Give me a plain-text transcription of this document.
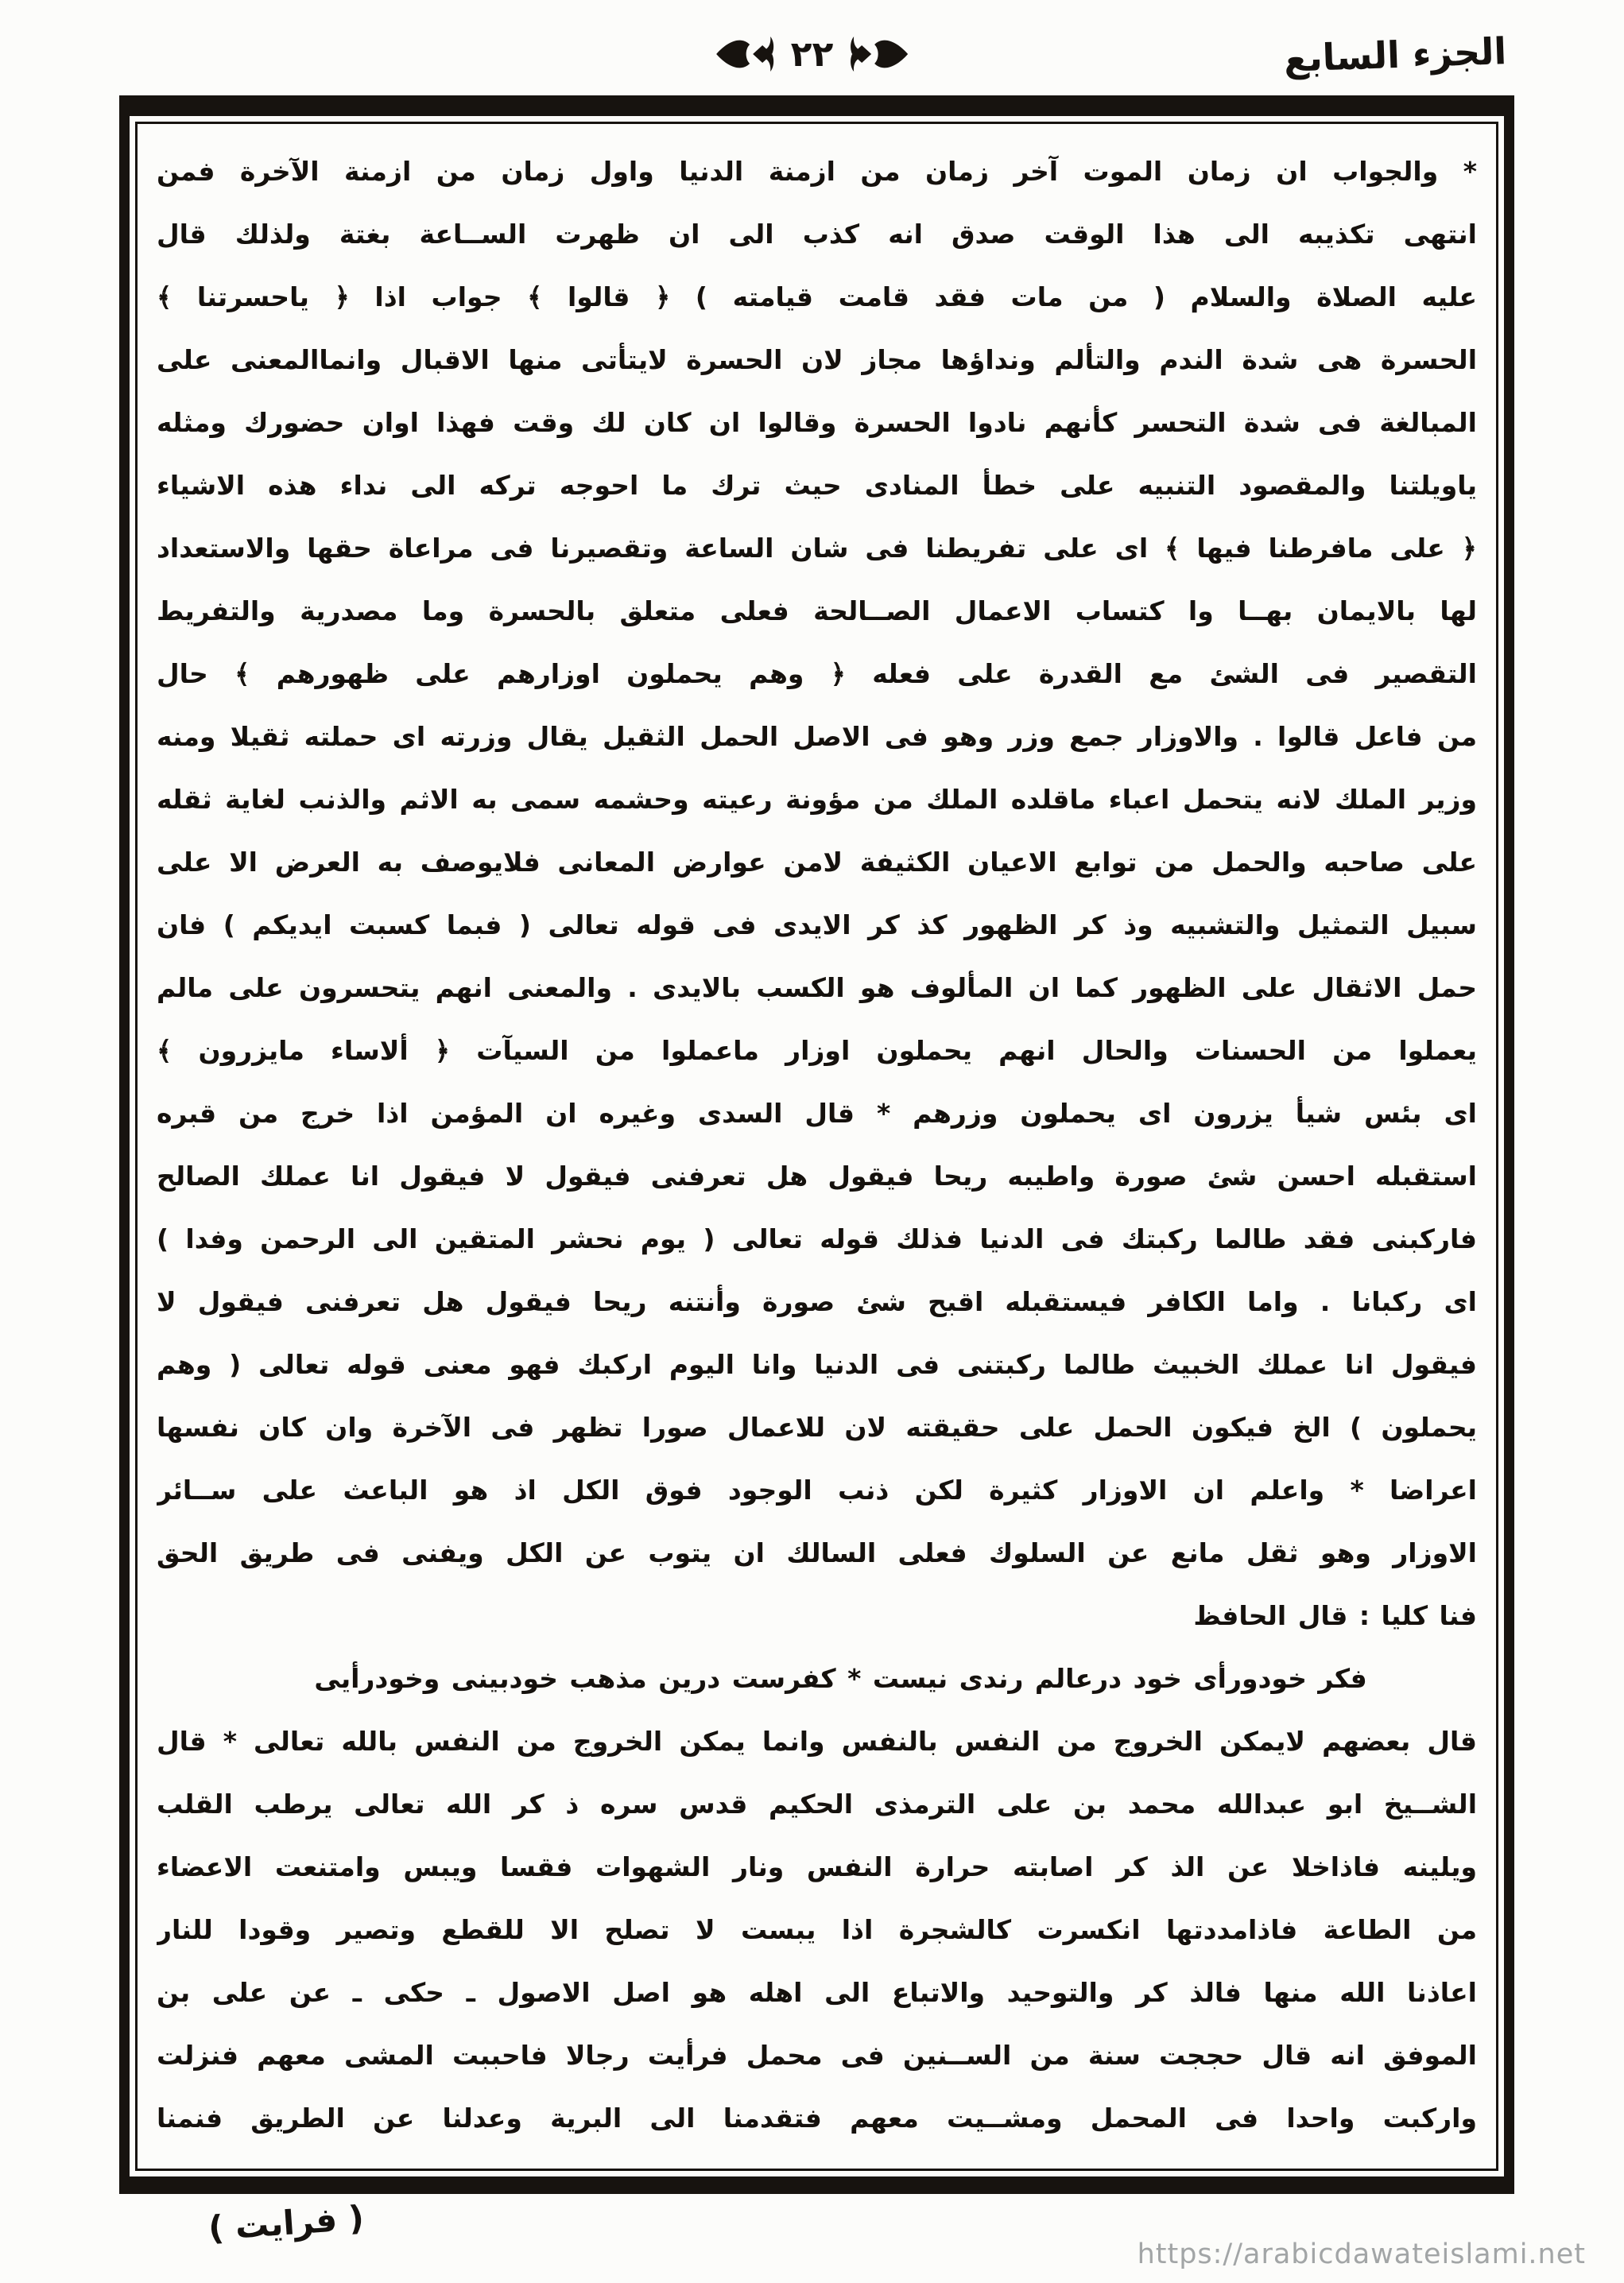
الجزء السابع
٢٢
* والجواب ان زمان الموت آخر زمان من ازمنة الدنيا واول زمان من ازمنة الآخرة فمن
انتهى تكذيبه الى هذا الوقت صدق انه كذب الى ان ظهرت الســاعة بغتة ولذلك قال
عليه الصلاة والسلام ( من مات فقد قامت قيامته ) ﴿ قالوا ﴾ جواب اذا ﴿ ياحسرتنا ﴾
الحسرة هى شدة الندم والتألم ونداؤها مجاز لان الحسرة لايتأتى منها الاقبال وانماالمعنى على
المبالغة فى شدة التحسر كأنهم نادوا الحسرة وقالوا ان كان لك وقت فهذا اوان حضورك ومثله
ياويلتنا والمقصود التنبيه على خطأ المنادى حيث ترك ما احوجه تركه الى نداء هذه الاشياء
﴿ على مافرطنا فيها ﴾ اى على تفريطنا فى شان الساعة وتقصيرنا فى مراعاة حقها والاستعداد
لها بالايمان بهــا وا كتساب الاعمال الصــالحة فعلى متعلق بالحسرة وما مصدرية والتفريط
التقصير فى الشئ مع القدرة على فعله ﴿ وهم يحملون اوزارهم على ظهورهم ﴾ حال
من فاعل قالوا . والاوزار جمع وزر وهو فى الاصل الحمل الثقيل يقال وزرته اى حملته ثقيلا ومنه
وزير الملك لانه يتحمل اعباء ماقلده الملك من مؤونة رعيته وحشمه سمى به الاثم والذنب لغاية ثقله
على صاحبه والحمل من توابع الاعيان الكثيفة لامن عوارض المعانى فلايوصف به العرض الا على
سبيل التمثيل والتشبيه وذ كر الظهور كذ كر الايدى فى قوله تعالى ( فبما كسبت ايديكم ) فان
حمل الاثقال على الظهور كما ان المألوف هو الكسب بالايدى . والمعنى انهم يتحسرون على مالم
يعملوا من الحسنات والحال انهم يحملون اوزار ماعملوا من السيآت ﴿ ألاساء مايزرون ﴾
اى بئس شيأ يزرون اى يحملون وزرهم * قال السدى وغيره ان المؤمن اذا خرج من قبره
استقبله احسن شئ صورة واطيبه ريحا فيقول هل تعرفنى فيقول لا فيقول انا عملك الصالح
فاركبنى فقد طالما ركبتك فى الدنيا فذلك قوله تعالى ( يوم نحشر المتقين الى الرحمن وفدا )
اى ركبانا . واما الكافر فيستقبله اقبح شئ صورة وأنتنه ريحا فيقول هل تعرفنى فيقول لا
فيقول انا عملك الخبيث طالما ركبتنى فى الدنيا وانا اليوم اركبك فهو معنى قوله تعالى ( وهم
يحملون ) الخ فيكون الحمل على حقيقته لان للاعمال صورا تظهر فى الآخرة وان كان نفسها
اعراضا * واعلم ان الاوزار كثيرة لكن ذنب الوجود فوق الكل اذ هو الباعث على ســائر
الاوزار وهو ثقل مانع عن السلوك فعلى السالك ان يتوب عن الكل ويفنى فى طريق الحق
فنا كليا : قال الحافظ
فكر خودورأى خود درعالم رندى نيست * كفرست درين مذهب خودبينى وخودرأيى
قال بعضهم لايمكن الخروج من النفس بالنفس وانما يمكن الخروج من النفس بالله تعالى * قال
الشــيخ ابو عبدالله محمد بن على الترمذى الحكيم قدس سره ذ كر الله تعالى يرطب القلب
ويلينه فاذاخلا عن الذ كر اصابته حرارة النفس ونار الشهوات فقسا ويبس وامتنعت الاعضاء
من الطاعة فاذامددتها انكسرت كالشجرة اذا يبست لا تصلح الا للقطع وتصير وقودا للنار
اعاذنا الله منها فالذ كر والتوحيد والاتباع الى اهله هو اصل الاصول ـ حكى ـ عن على بن
الموفق انه قال حججت سنة من الســنين فى محمل فرأيت رجالا فاحببت المشى معهم فنزلت
واركبت واحدا فى المحمل ومشــيت معهم فتقدمنا الى البرية وعدلنا عن الطريق فنمنا
( فرايت )
https://arabicdawateislami.net
